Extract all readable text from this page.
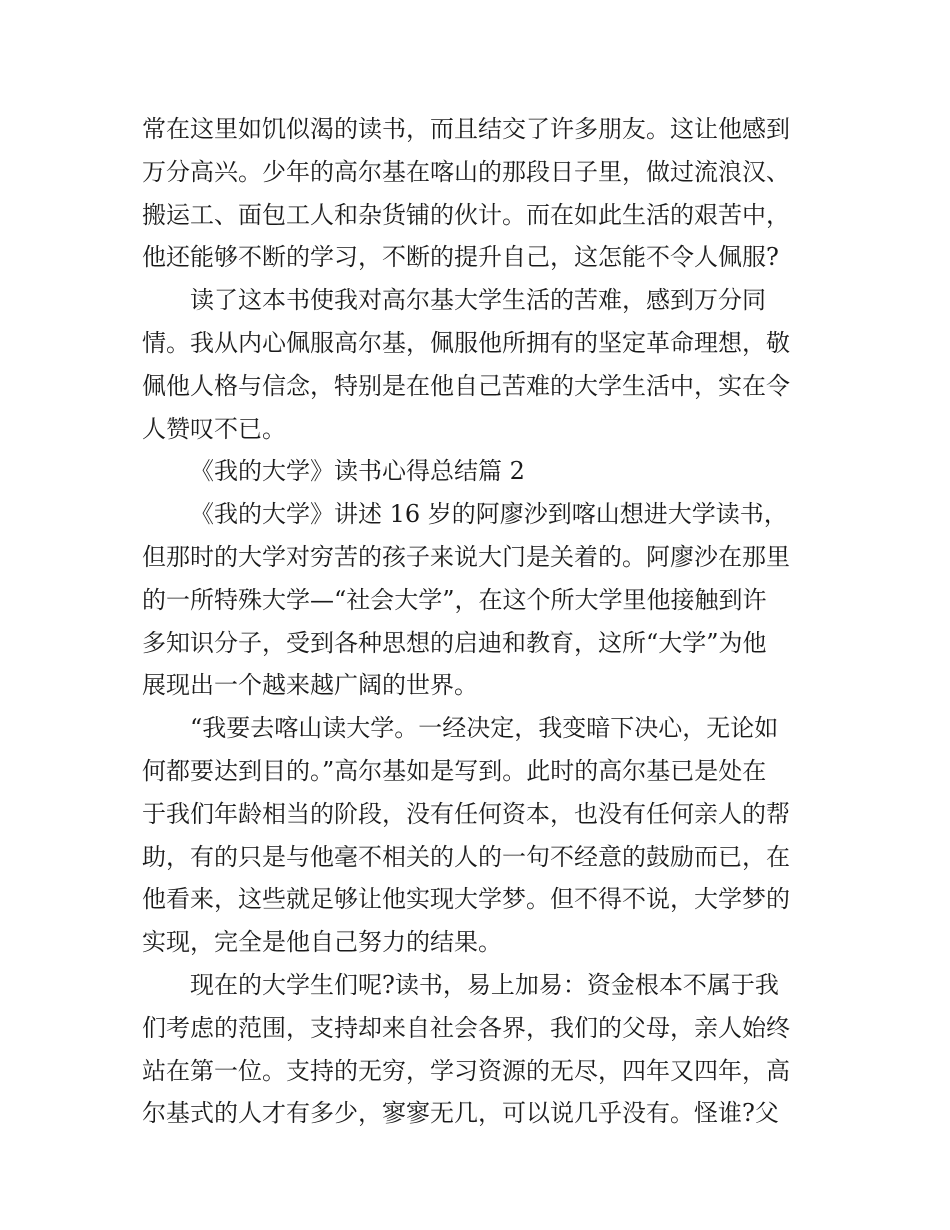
常在这里如饥似渴的读书，而且结交了许多朋友。这让他感到
万分高兴。少年的高尔基在喀山的那段日子里，做过流浪汉、
搬运工、面包工人和杂货铺的伙计。而在如此生活的艰苦中，
他还能够不断的学习，不断的提升自己，这怎能不令人佩服?
读了这本书使我对高尔基大学生活的苦难，感到万分同
情。我从内心佩服高尔基，佩服他所拥有的坚定革命理想，敬
佩他人格与信念，特别是在他自己苦难的大学生活中，实在令
人赞叹不已。
《我的大学》读书心得总结篇 2
《我的大学》讲述 16 岁的阿廖沙到喀山想进大学读书，
但那时的大学对穷苦的孩子来说大门是关着的。阿廖沙在那里
的一所特殊大学—“社会大学”，在这个所大学里他接触到许
多知识分子，受到各种思想的启迪和教育，这所“大学”为他
展现出一个越来越广阔的世界。
“我要去喀山读大学。一经决定，我变暗下决心，无论如
何都要达到目的。”高尔基如是写到。此时的高尔基已是处在
于我们年龄相当的阶段，没有任何资本，也没有任何亲人的帮
助，有的只是与他毫不相关的人的一句不经意的鼓励而已，在
他看来，这些就足够让他实现大学梦。但不得不说，大学梦的
实现，完全是他自己努力的结果。
现在的大学生们呢?读书，易上加易：资金根本不属于我
们考虑的范围，支持却来自社会各界，我们的父母，亲人始终
站在第一位。支持的无穷，学习资源的无尽，四年又四年，高
尔基式的人才有多少，寥寥无几，可以说几乎没有。怪谁?父
